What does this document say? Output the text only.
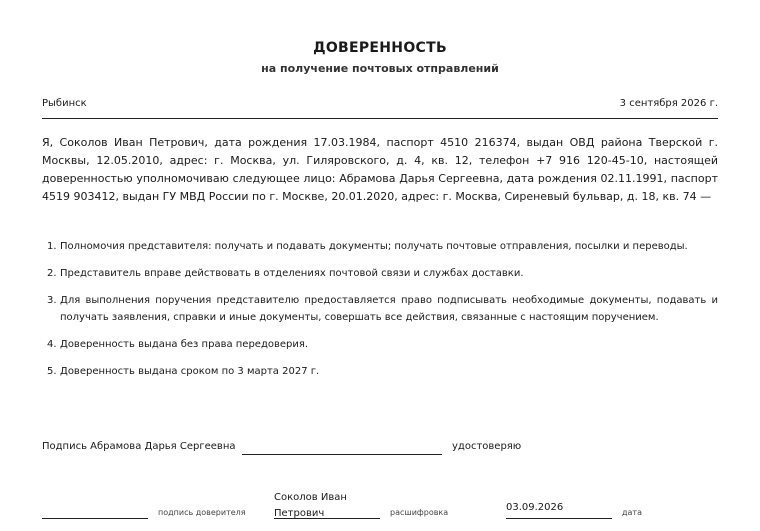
ДОВЕРЕННОСТЬ
на получение почтовых отправлений
Рыбинск	3 сентября 2026 г.
Я, Соколов Иван Петрович, дата рождения 17.03.1984, паспорт 4510 216374, выдан ОВД района Тверской г. Москвы, 12.05.2010, адрес: г. Москва, ул. Гиляровского, д. 4, кв. 12, телефон +7 916 120-45-10, настоящей доверенностью уполномочиваю следующее лицо: Абрамова Дарья Сергеевна, дата рождения 02.11.1991, паспорт 4519 903412, выдан ГУ МВД России по г. Москве, 20.01.2020, адрес: г. Москва, Сиреневый бульвар, д. 18, кв. 74 —
1. Полномочия представителя: получать и подавать документы; получать почтовые отправления, посылки и переводы.
2. Представитель вправе действовать в отделениях почтовой связи и службах доставки.
3. Для выполнения поручения представителю предоставляется право подписывать необходимые документы, подавать и получать заявления, справки и иные документы, совершать все действия, связанные с настоящим поручением.
4. Доверенность выдана без права передоверия.
5. Доверенность выдана сроком по 3 марта 2027 г.
Подпись Абрамова Дарья Сергеевна	удостоверяю
подпись доверителя
Соколов Иван Петрович	расшифровка	03.09.2026	дата
